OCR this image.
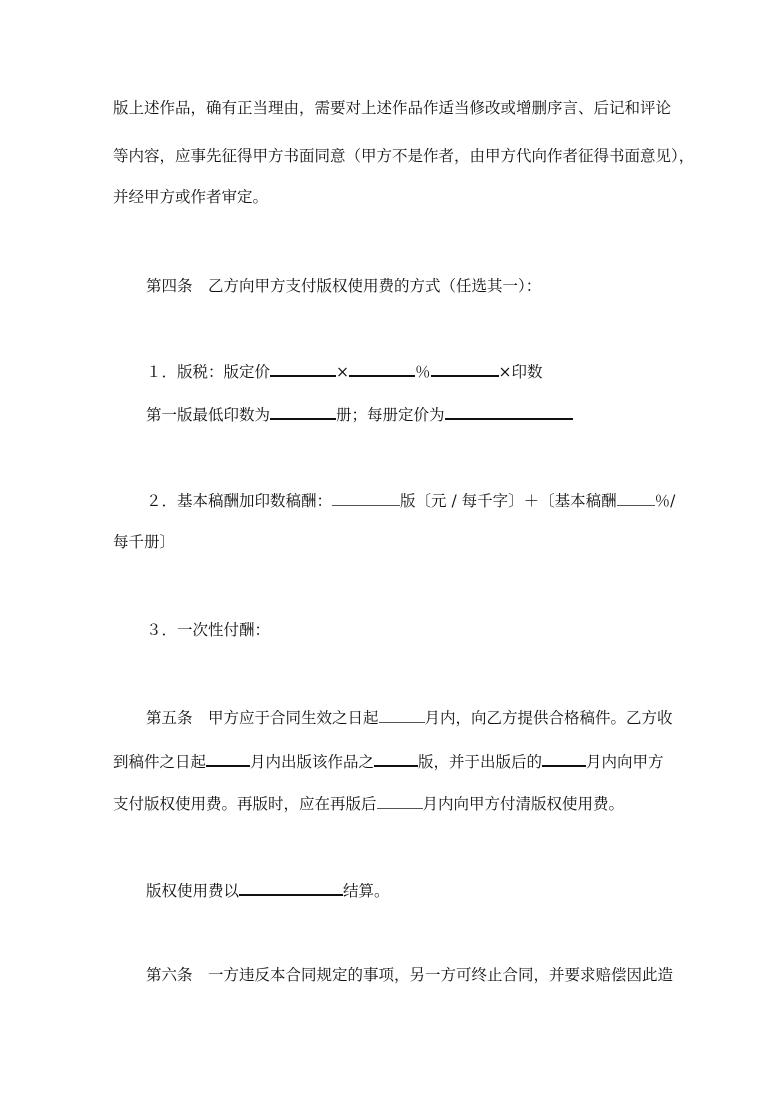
版上述作品，确有正当理由，需要对上述作品作适当修改或增删序言、后记和评论
等内容，应事先征得甲方书面同意（甲方不是作者，由甲方代向作者征得书面意见），
并经甲方或作者审定。
第四条　乙方向甲方支付版权使用费的方式（任选其一）：
１．版税：版定价	×	％	×印数
第一版最低印数为	册；每册定价为
２．基本稿酬加印数稿酬：	版〔元 / 每千字〕＋〔基本稿酬 ％/
每千册〕
３．一次性付酬：
第五条　甲方应于合同生效之日起	月内，向乙方提供合格稿件。乙方收
到稿件之日起	月内出版该作品之	版，并于出版后的	月内向甲方
支付版权使用费。再版时，应在再版后	月内向甲方付清版权使用费。
版权使用费以	结算。
第六条　一方违反本合同规定的事项，另一方可终止合同，并要求赔偿因此造
